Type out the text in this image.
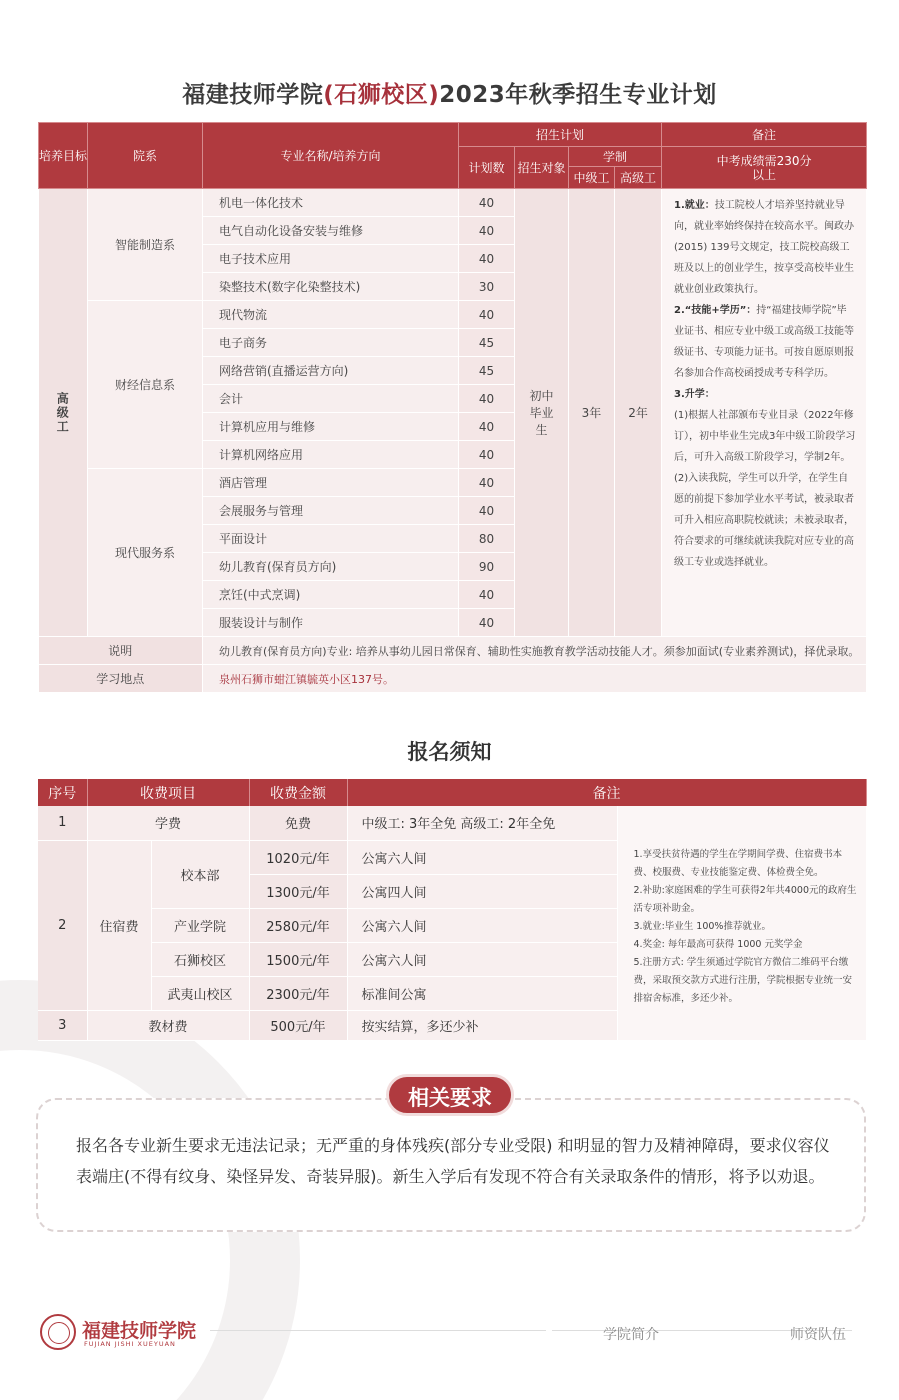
福建技师学院(石狮校区)2023年秋季招生专业计划
培养目标	院系	专业名称/培养方向	招生计划				备注
			计划数	招生对象	学制		中考成绩需230分以上
					中级工	高级工	
高级工	智能制造系	机电一体化技术	40	初中毕业生	3年	2年	1.就业：技工院校人才培养坚持就业导向，就业率始终保持在较高水平。闽政办(2015) 139号文规定，技工院校高级工班及以上的创业学生，按享受高校毕业生就业创业政策执行。
2.“技能+学历”：持“福建技师学院”毕业证书、相应专业中级工或高级工技能等级证书、专项能力证书。可按自愿原则报名参加合作高校函授成考专科学历。
3.升学：
(1)根据人社部颁布专业目录（2022年修订），初中毕业生完成3年中级工阶段学习后，可升入高级工阶段学习，学制2年。
(2)入读我院，学生可以升学，在学生自愿的前提下参加学业水平考试，被录取者可升入相应高职院校就读；未被录取者，符合要求的可继续就读我院对应专业的高级工专业或选择就业。

		电气自动化设备安装与维修	40				
		电子技术应用	40				
		染整技术(数字化染整技术)	30				
	财经信息系	现代物流	40				
		电子商务	45				
		网络营销(直播运营方向)	45				
		会计	40				
		计算机应用与维修	40				
		计算机网络应用	40				
	现代服务系	酒店管理	40				
		会展服务与管理	40				
		平面设计	80				
		幼儿教育(保育员方向)	90				
		烹饪(中式烹调)	40				
		服装设计与制作	40				
说明		幼儿教育(保育员方向)专业: 培养从事幼儿园日常保育、辅助性实施教育教学活动技能人才。须参加面试(专业素养测试)，择优录取。					
学习地点		泉州石狮市蚶江镇毓英小区137号。					
报名须知
序号	收费项目		收费金额	备注	
1	学费		免费	中级工: 3年全免 高级工: 2年全免	1.享受扶贫待遇的学生在学期间学费、住宿费书本费、校服费、专业技能鉴定费、体检费全免。
2.补助:家庭困难的学生可获得2年共4000元的政府生活专项补助金。
3.就业:毕业生 100%推荐就业。
4.奖金: 每年最高可获得 1000 元奖学金
5.注册方式: 学生须通过学院官方微信二维码平台缴费，采取预交款方式进行注册，学院根据专业统一安排宿舍标准，多还少补。

2	住宿费	校本部	1020元/年	公寓六人间	
			1300元/年	公寓四人间	
		产业学院	2580元/年	公寓六人间	
		石狮校区	1500元/年	公寓六人间	
		武夷山校区	2300元/年	标准间公寓	
3	教材费		500元/年	按实结算，多还少补	
相关要求
报名各专业新生要求无违法记录；无严重的身体残疾(部分专业受限) 和明显的智力及精神障碍，要求仪容仪表端庄(不得有纹身、染怪异发、奇装异服)。新生入学后有发现不符合有关录取条件的情形，将予以劝退。
福建技师学院
FUJIAN JISHI XUEYUAN
学院简介	师资队伍
